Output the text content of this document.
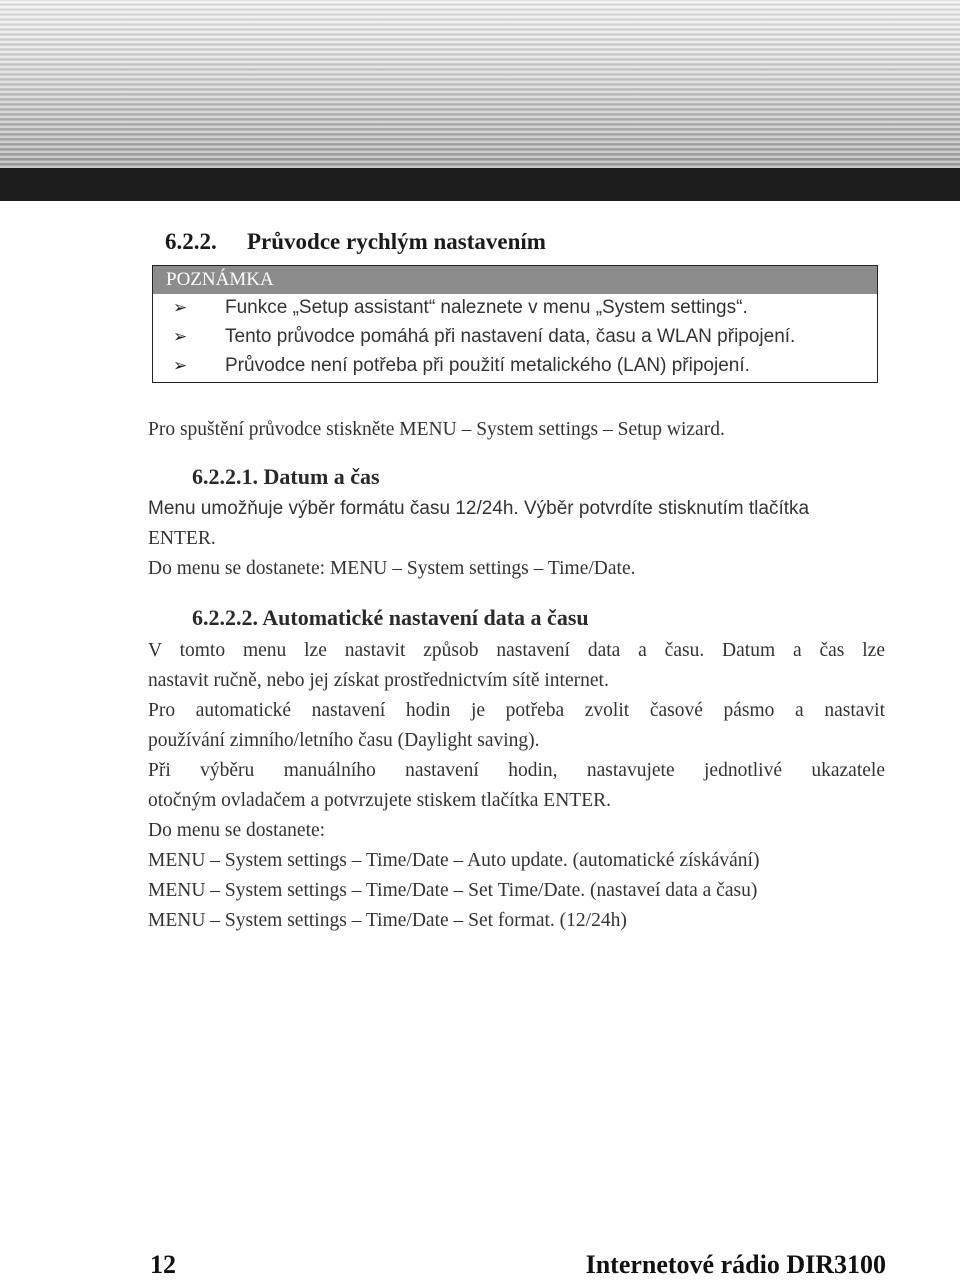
6.2.2. Průvodce rychlým nastavením
POZNÁMKA
➢ Funkce „Setup assistant“ naleznete v menu „System settings“.
➢ Tento průvodce pomáhá při nastavení data, času a WLAN připojení.
➢ Průvodce není potřeba při použití metalického (LAN) připojení.
Pro spuštění průvodce stiskněte MENU – System settings – Setup wizard.
6.2.2.1. Datum a čas
Menu umožňuje výběr formátu času 12/24h. Výběr potvrdíte stisknutím tlačítka
ENTER.
Do menu se dostanete: MENU – System settings – Time/Date.
6.2.2.2. Automatické nastavení data a času
V tomto menu lze nastavit způsob nastavení data a času. Datum a čas lze
nastavit ručně, nebo jej získat prostřednictvím sítě internet.
Pro automatické nastavení hodin je potřeba zvolit časové pásmo a nastavit
používání zimního/letního času (Daylight saving).
Při výběru manuálního nastavení hodin, nastavujete jednotlivé ukazatele
otočným ovladačem a potvrzujete stiskem tlačítka ENTER.
Do menu se dostanete:
MENU – System settings – Time/Date – Auto update. (automatické získávání)
MENU – System settings – Time/Date – Set Time/Date. (nastaveí data a času)
MENU – System settings – Time/Date – Set format. (12/24h)
12	Internetové rádio DIR3100
